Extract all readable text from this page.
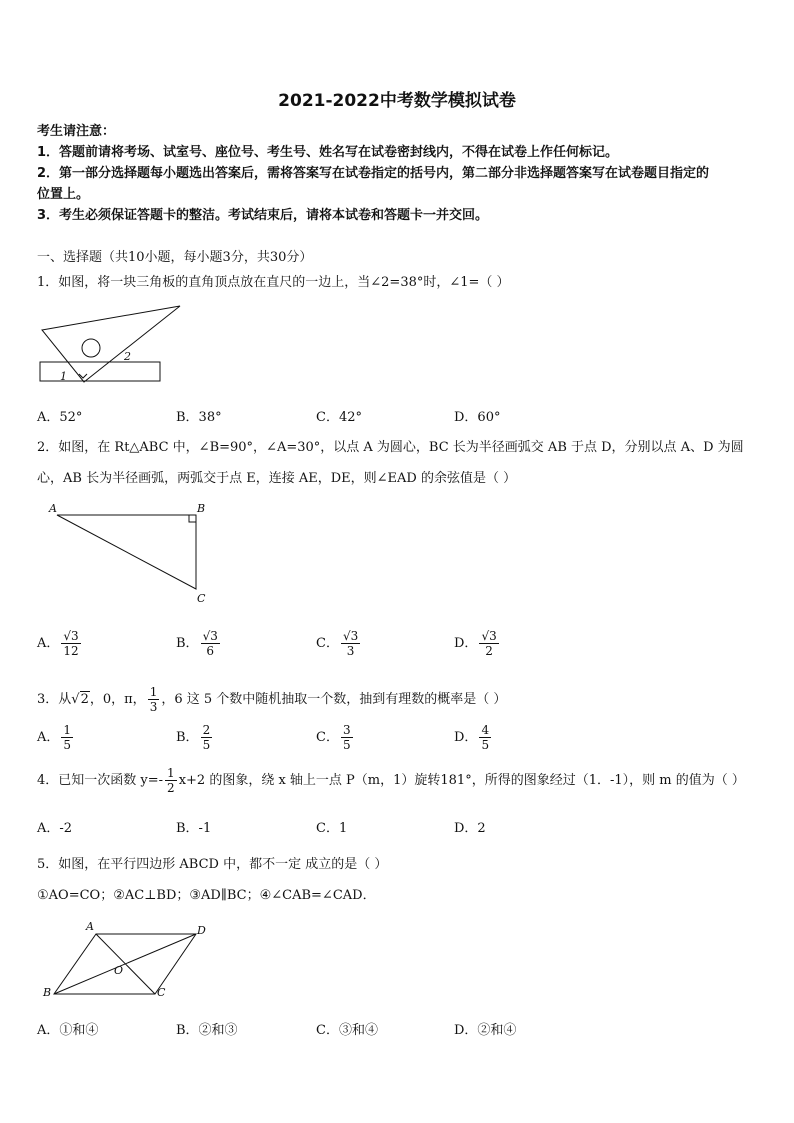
2021-2022中考数学模拟试卷
考生请注意：
1．答题前请将考场、试室号、座位号、考生号、姓名写在试卷密封线内，不得在试卷上作任何标记。
2．第一部分选择题每小题选出答案后，需将答案写在试卷指定的括号内，第二部分非选择题答案写在试卷题目指定的
位置上。
3．考生必须保证答题卡的整洁。考试结束后，请将本试卷和答题卡一并交回。
一、选择题（共10小题，每小题3分，共30分）
1．如图，将一块三角板的直角顶点放在直尺的一边上，当∠2=38°时，∠1=（ ）
1
2
A．52°	B．38°	C．42°	D．60°
2．如图，在 Rt△ABC 中，∠B=90°，∠A=30°，以点 A 为圆心，BC 长为半径画弧交 AB 于点 D，分别以点 A、D 为圆
心，AB 长为半径画弧，两弧交于点 E，连接 AE，DE，则∠EAD 的余弦值是（ ）
A	B
C
A． $\frac{√3}{12}$	B． $\frac{√3}{6}$	C． $\frac{√3}{3}$	D． $\frac{√3}{2}$
3．从√2，0，π， $\frac{1}{3}$ ，6 这 5 个数中随机抽取一个数，抽到有理数的概率是（ ）
A． $\frac{1}{5}$	B． $\frac{2}{5}$	C． $\frac{3}{5}$	D． $\frac{4}{5}$
4．已知一次函数 $y=- \frac{1}{2} x+2$ 的图象，绕 x 轴上一点 P（m，1）旋转181°，所得的图象经过（1．-1），则 m 的值为（ ）
A．-2	B．-1	C．1	D．2
5．如图，在平行四边形 ABCD 中，都不一定 成立的是（ ）
①AO=CO；②AC⊥BD；③AD∥BC；④∠CAB=∠CAD．
A	D
O
B	C
A．①和④	B．②和③	C．③和④	D．②和④
